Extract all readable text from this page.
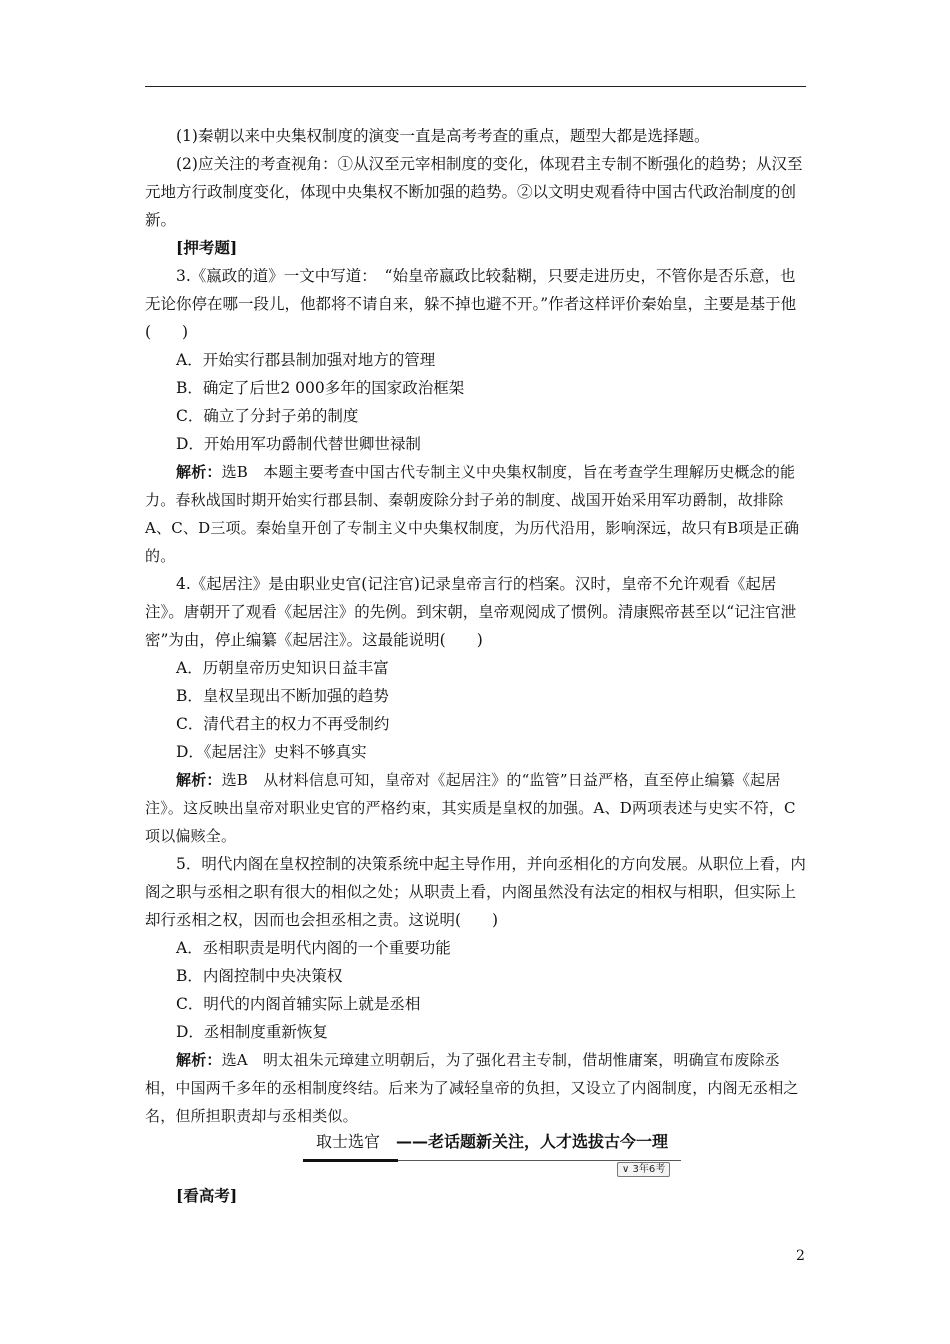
(1)秦朝以来中央集权制度的演变一直是高考考查的重点，题型大都是选择题。

(2)应关注的考查视角：①从汉至元宰相制度的变化，体现君主专制不断强化的趋势；从汉至元地方行政制度变化，体现中央集权不断加强的趋势。②以文明史观看待中国古代政治制度的创新。

[押考题]

3.《嬴政的道》一文中写道：　“始皇帝嬴政比较黏糊，只要走进历史，不管你是否乐意，也无论你停在哪一段儿，他都将不请自来，躲不掉也避不开。”作者这样评价秦始皇，主要是基于他(　　)

A．开始实行郡县制加强对地方的管理

B．确定了后世2 000多年的国家政治框架

C．确立了分封子弟的制度

D．开始用军功爵制代替世卿世禄制

解析：选B　本题主要考查中国古代专制主义中央集权制度，旨在考查学生理解历史概念的能力。春秋战国时期开始实行郡县制、秦朝废除分封子弟的制度、战国开始采用军功爵制，故排除A、C、D三项。秦始皇开创了专制主义中央集权制度，为历代沿用，影响深远，故只有B项是正确的。

4.《起居注》是由职业史官(记注官)记录皇帝言行的档案。汉时，皇帝不允许观看《起居注》。唐朝开了观看《起居注》的先例。到宋朝，皇帝观阅成了惯例。清康熙帝甚至以“记注官泄密”为由，停止编纂《起居注》。这最能说明(　　)

A．历朝皇帝历史知识日益丰富

B．皇权呈现出不断加强的趋势

C．清代君主的权力不再受制约

D．《起居注》史料不够真实

解析：选B　从材料信息可知，皇帝对《起居注》的“监管”日益严格，直至停止编纂《起居注》。这反映出皇帝对职业史官的严格约束，其实质是皇权的加强。A、D两项表述与史实不符，C项以偏赅全。

5．明代内阁在皇权控制的决策系统中起主导作用，并向丞相化的方向发展。从职位上看，内阁之职与丞相之职有很大的相似之处；从职责上看，内阁虽然没有法定的相权与相职，但实际上却行丞相之权，因而也会担丞相之责。这说明(　　)

A．丞相职责是明代内阁的一个重要功能

B．内阁控制中央决策权

C．明代的内阁首辅实际上就是丞相

D．丞相制度重新恢复

解析：选A　明太祖朱元璋建立明朝后，为了强化君主专制，借胡惟庸案，明确宣布废除丞相，中国两千多年的丞相制度终结。后来为了减轻皇帝的负担，又设立了内阁制度，内阁无丞相之名，但所担职责却与丞相类似。

取士选官　 ——老话题新关注，人才选拔古今一理
∨ 3年6考
[看高考]
2
